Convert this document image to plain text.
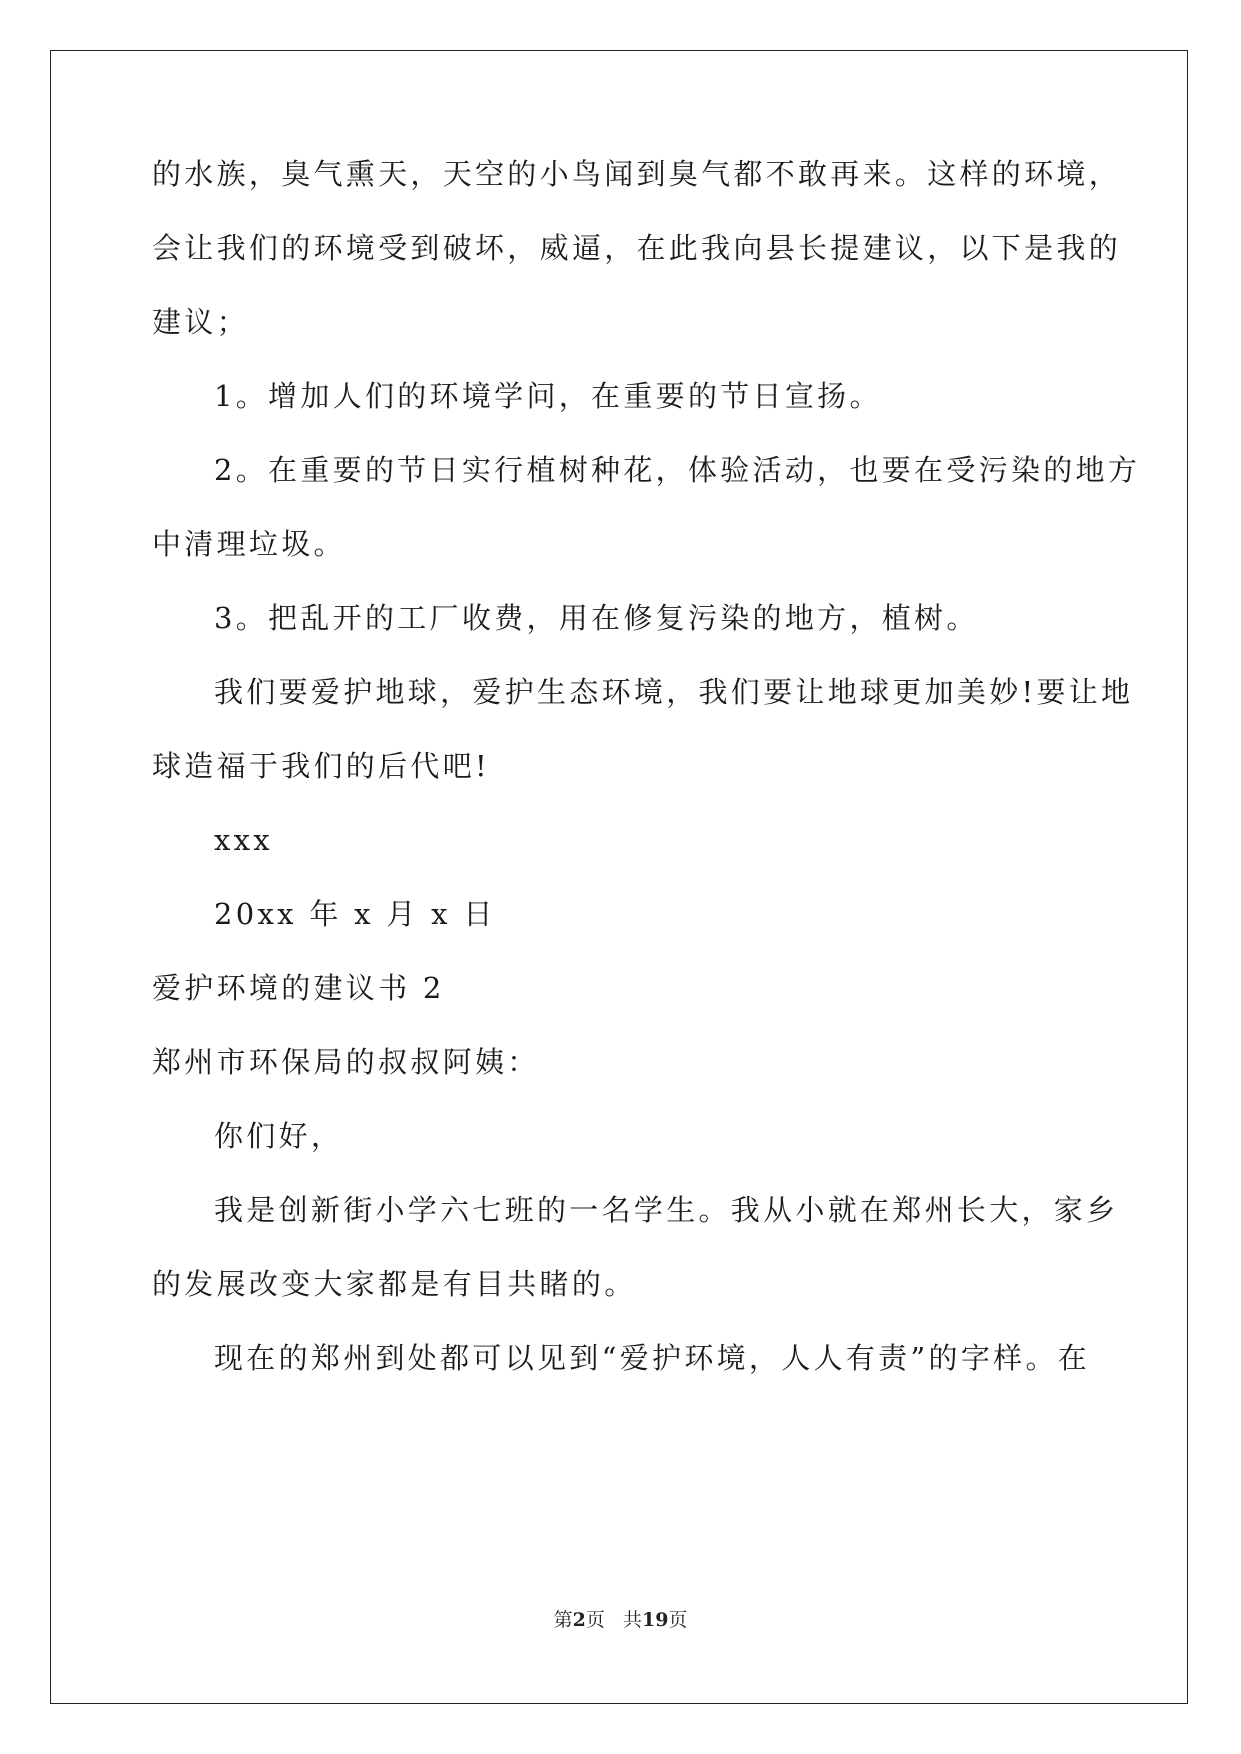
的水族，臭气熏天，天空的小鸟闻到臭气都不敢再来。这样的环境，
会让我们的环境受到破坏，威逼，在此我向县长提建议，以下是我的
建议；
1。增加人们的环境学问，在重要的节日宣扬。
2。在重要的节日实行植树种花，体验活动，也要在受污染的地方
中清理垃圾。
3。把乱开的工厂收费，用在修复污染的地方，植树。
我们要爱护地球，爱护生态环境，我们要让地球更加美妙!要让地
球造福于我们的后代吧!
xxx
20xx 年 x 月 x 日
爱护环境的建议书 2
郑州市环保局的叔叔阿姨：
你们好，
我是创新街小学六七班的一名学生。我从小就在郑州长大，家乡
的发展改变大家都是有目共睹的。
现在的郑州到处都可以见到“爱护环境，人人有责”的字样。在
第2页 共19页
